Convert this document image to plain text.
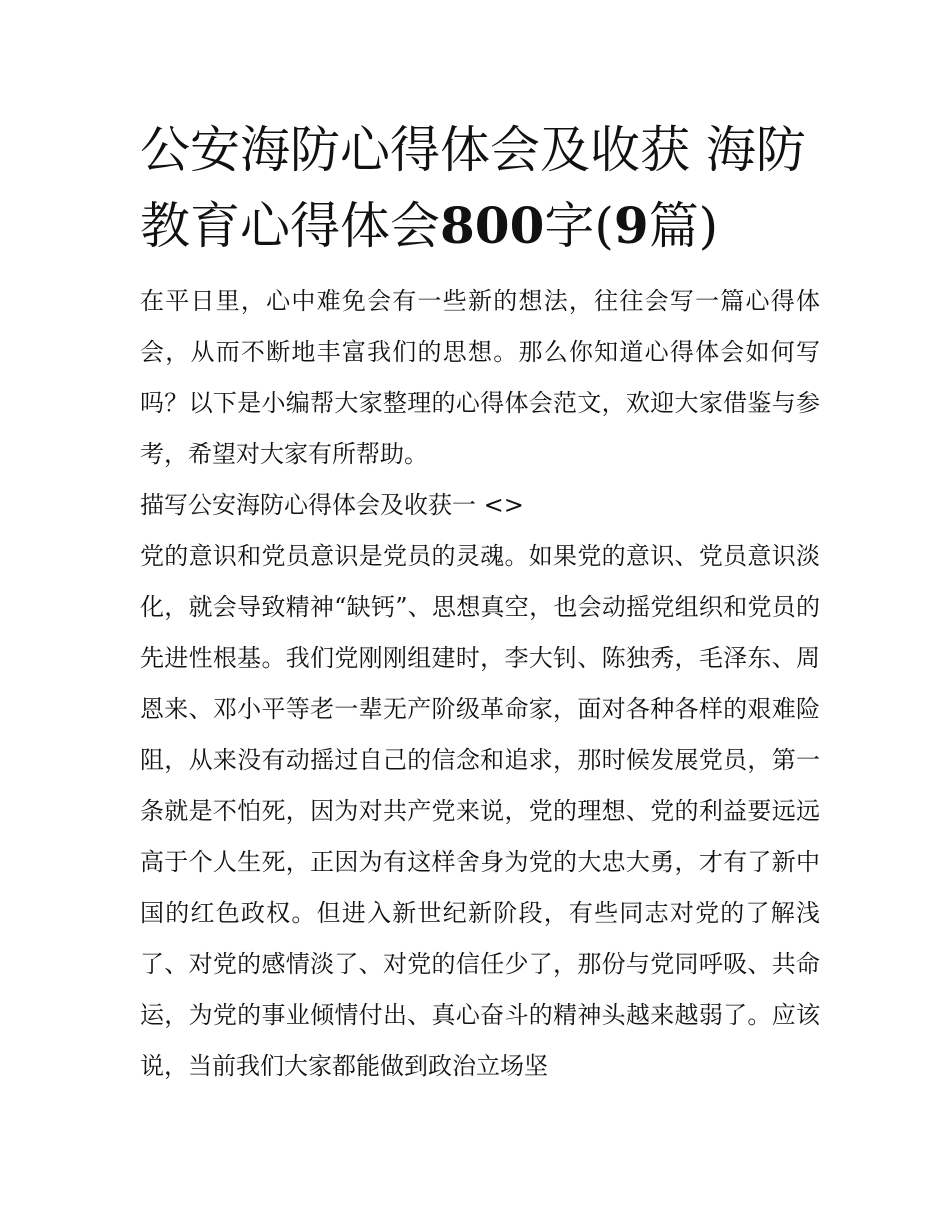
公安海防心得体会及收获 海防教育心得体会800字(9篇)

在平日里，心中难免会有一些新的想法，往往会写一篇心得体会，从而不断地丰富我们的思想。那么你知道心得体会如何写吗？以下是小编帮大家整理的心得体会范文，欢迎大家借鉴与参考，希望对大家有所帮助。

描写公安海防心得体会及收获一 <>

党的意识和党员意识是党员的灵魂。如果党的意识、党员意识淡化，就会导致精神“缺钙”、思想真空，也会动摇党组织和党员的先进性根基。我们党刚刚组建时，李大钊、陈独秀，毛泽东、周恩来、邓小平等老一辈无产阶级革命家，面对各种各样的艰难险阻，从来没有动摇过自己的信念和追求，那时候发展党员，第一条就是不怕死，因为对共产党来说，党的理想、党的利益要远远高于个人生死，正因为有这样舍身为党的大忠大勇，才有了新中国的红色政权。但进入新世纪新阶段，有些同志对党的了解浅了、对党的感情淡了、对党的信任少了，那份与党同呼吸、共命运，为党的事业倾情付出、真心奋斗的精神头越来越弱了。应该说，当前我们大家都能做到政治立场坚
